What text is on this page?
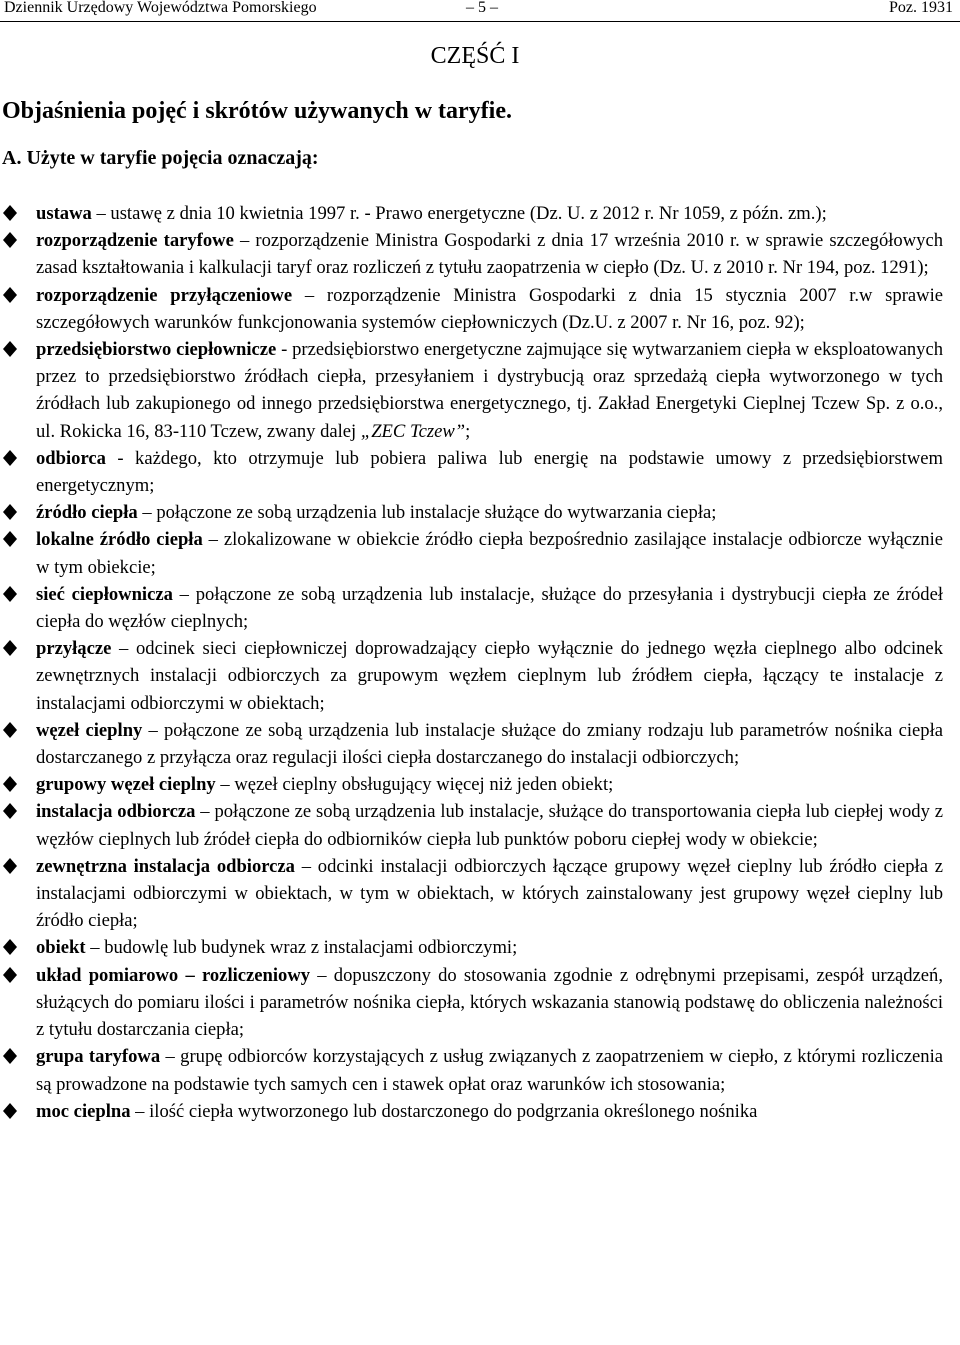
Dziennik Urzędowy Województwa Pomorskiego	– 5 –	Poz. 1931
CZĘŚĆ I
Objaśnienia pojęć i skrótów używanych w taryfie.
A. Użyte w taryfie pojęcia oznaczają:
ustawa – ustawę z dnia 10 kwietnia 1997 r. - Prawo energetyczne (Dz. U. z 2012 r. Nr 1059, z późn. zm.);
rozporządzenie taryfowe – rozporządzenie Ministra Gospodarki z dnia 17 września 2010 r. w sprawie szczegółowych zasad kształtowania i kalkulacji taryf oraz rozliczeń z tytułu zaopatrzenia w ciepło (Dz. U. z 2010 r. Nr 194, poz. 1291);
rozporządzenie przyłączeniowe – rozporządzenie Ministra Gospodarki z dnia 15 stycznia 2007 r.w sprawie szczegółowych warunków funkcjonowania systemów ciepłowniczych (Dz.U. z 2007 r. Nr 16, poz. 92);
przedsiębiorstwo ciepłownicze - przedsiębiorstwo energetyczne zajmujące się wytwarzaniem ciepła w eksploatowanych przez to przedsiębiorstwo źródłach ciepła, przesyłaniem i dystrybucją oraz sprzedażą ciepła wytworzonego w tych źródłach lub zakupionego od innego przedsiębiorstwa energetycznego, tj. Zakład Energetyki Cieplnej Tczew Sp. z o.o., ul. Rokicka 16, 83-110 Tczew, zwany dalej „ZEC Tczew”;
odbiorca - każdego, kto otrzymuje lub pobiera paliwa lub energię na podstawie umowy z przedsiębiorstwem energetycznym;
źródło ciepła – połączone ze sobą urządzenia lub instalacje służące do wytwarzania ciepła;
lokalne źródło ciepła – zlokalizowane w obiekcie źródło ciepła bezpośrednio zasilające instalacje odbiorcze wyłącznie w tym obiekcie;
sieć ciepłownicza – połączone ze sobą urządzenia lub instalacje, służące do przesyłania i dystrybucji ciepła ze źródeł ciepła do węzłów cieplnych;
przyłącze – odcinek sieci ciepłowniczej doprowadzający ciepło wyłącznie do jednego węzła cieplnego albo odcinek zewnętrznych instalacji odbiorczych za grupowym węzłem cieplnym lub źródłem ciepła, łączący te instalacje z instalacjami odbiorczymi w obiektach;
węzeł cieplny – połączone ze sobą urządzenia lub instalacje służące do zmiany rodzaju lub parametrów nośnika ciepła dostarczanego z przyłącza oraz regulacji ilości ciepła dostarczanego do instalacji odbiorczych;
grupowy węzeł cieplny – węzeł cieplny obsługujący więcej niż jeden obiekt;
instalacja odbiorcza – połączone ze sobą urządzenia lub instalacje, służące do transportowania ciepła lub ciepłej wody z węzłów cieplnych lub źródeł ciepła do odbiorników ciepła lub punktów poboru ciepłej wody w obiekcie;
zewnętrzna instalacja odbiorcza – odcinki instalacji odbiorczych łączące grupowy węzeł cieplny lub źródło ciepła z instalacjami odbiorczymi w obiektach, w tym w obiektach, w których zainstalowany jest grupowy węzeł cieplny lub źródło ciepła;
obiekt – budowlę lub budynek wraz z instalacjami odbiorczymi;
układ pomiarowo – rozliczeniowy – dopuszczony do stosowania zgodnie z odrębnymi przepisami, zespół urządzeń, służących do pomiaru ilości i parametrów nośnika ciepła, których wskazania stanowią podstawę do obliczenia należności z tytułu dostarczania ciepła;
grupa taryfowa – grupę odbiorców korzystających z usług związanych z zaopatrzeniem w ciepło, z którymi rozliczenia są prowadzone na podstawie tych samych cen i stawek opłat oraz warunków ich stosowania;
moc cieplna – ilość ciepła wytworzonego lub dostarczonego do podgrzania określonego nośnika
